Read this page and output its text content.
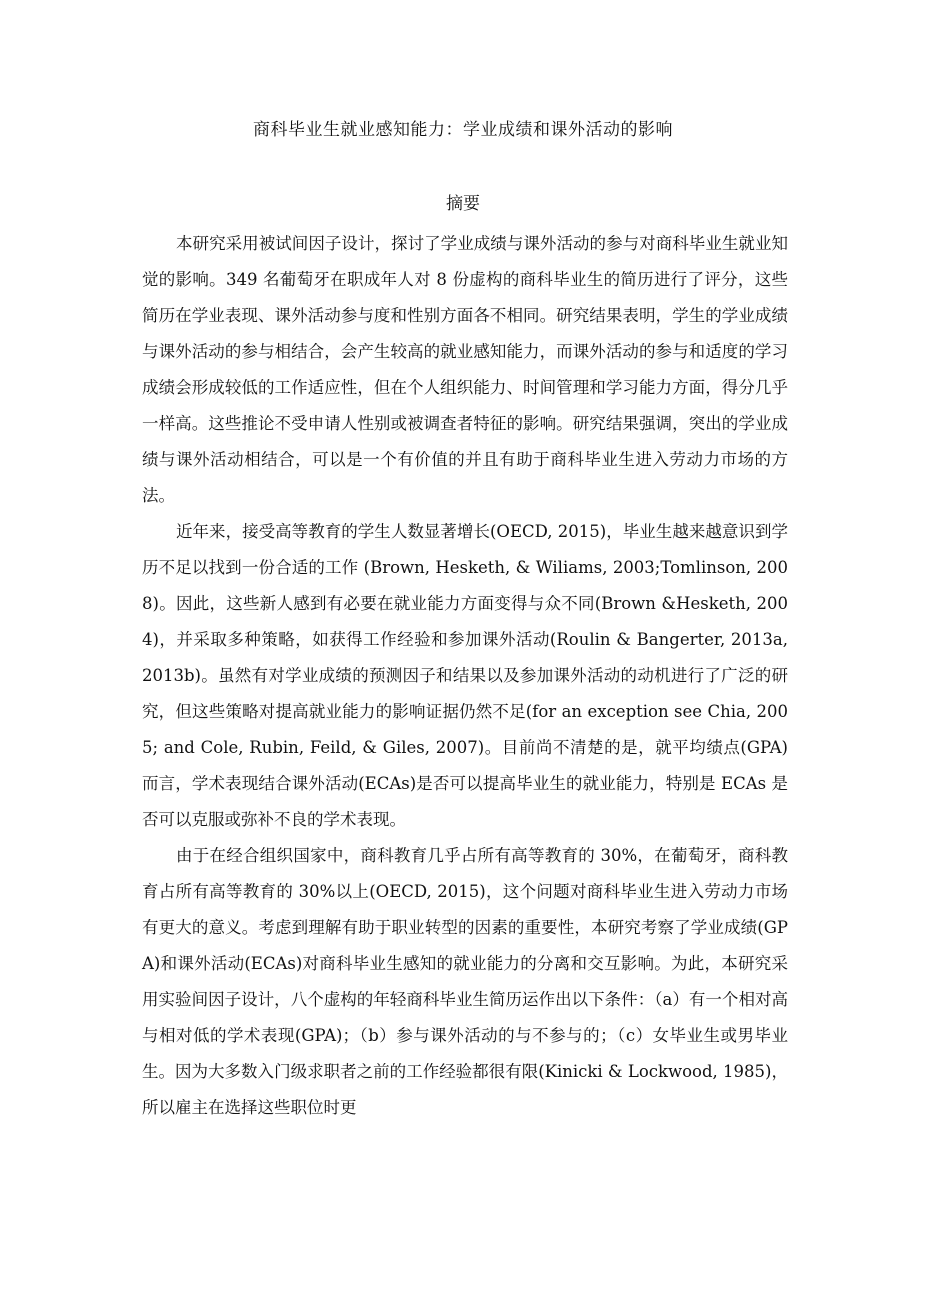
商科毕业生就业感知能力：学业成绩和课外活动的影响
摘要

本研究采用被试间因子设计，探讨了学业成绩与课外活动的参与对商科毕业生就业知觉的影响。349 名葡萄牙在职成年人对 8 份虚构的商科毕业生的简历进行了评分，这些简历在学业表现、课外活动参与度和性别方面各不相同。研究结果表明，学生的学业成绩与课外活动的参与相结合，会产生较高的就业感知能力，而课外活动的参与和适度的学习成绩会形成较低的工作适应性，但在个人组织能力、时间管理和学习能力方面，得分几乎一样高。这些推论不受申请人性别或被调查者特征的影响。研究结果强调，突出的学业成绩与课外活动相结合，可以是一个有价值的并且有助于商科毕业生进入劳动力市场的方法。

近年来，接受高等教育的学生人数显著增长(OECD, 2015)，毕业生越来越意识到学历不足以找到一份合适的工作 (Brown, Hesketh, & Wiliams, 2003;Tomlinson, 2008)。因此，这些新人感到有必要在就业能力方面变得与众不同(Brown &Hesketh, 2004)，并采取多种策略，如获得工作经验和参加课外活动(Roulin & Bangerter, 2013a, 2013b)。虽然有对学业成绩的预测因子和结果以及参加课外活动的动机进行了广泛的研究，但这些策略对提高就业能力的影响证据仍然不足(for an exception see Chia, 2005; and Cole, Rubin, Feild, & Giles, 2007)。目前尚不清楚的是，就平均绩点(GPA)而言，学术表现结合课外活动(ECAs)是否可以提高毕业生的就业能力，特别是 ECAs 是否可以克服或弥补不良的学术表现。

由于在经合组织国家中，商科教育几乎占所有高等教育的 30%，在葡萄牙，商科教育占所有高等教育的 30%以上(OECD, 2015)，这个问题对商科毕业生进入劳动力市场有更大的意义。考虑到理解有助于职业转型的因素的重要性，本研究考察了学业成绩(GPA)和课外活动(ECAs)对商科毕业生感知的就业能力的分离和交互影响。为此，本研究采用实验间因子设计，八个虚构的年轻商科毕业生简历运作出以下条件：（a）有一个相对高与相对低的学术表现(GPA)；（b）参与课外活动的与不参与的；（c）女毕业生或男毕业生。因为大多数入门级求职者之前的工作经验都很有限(Kinicki & Lockwood, 1985)，所以雇主在选择这些职位时更
